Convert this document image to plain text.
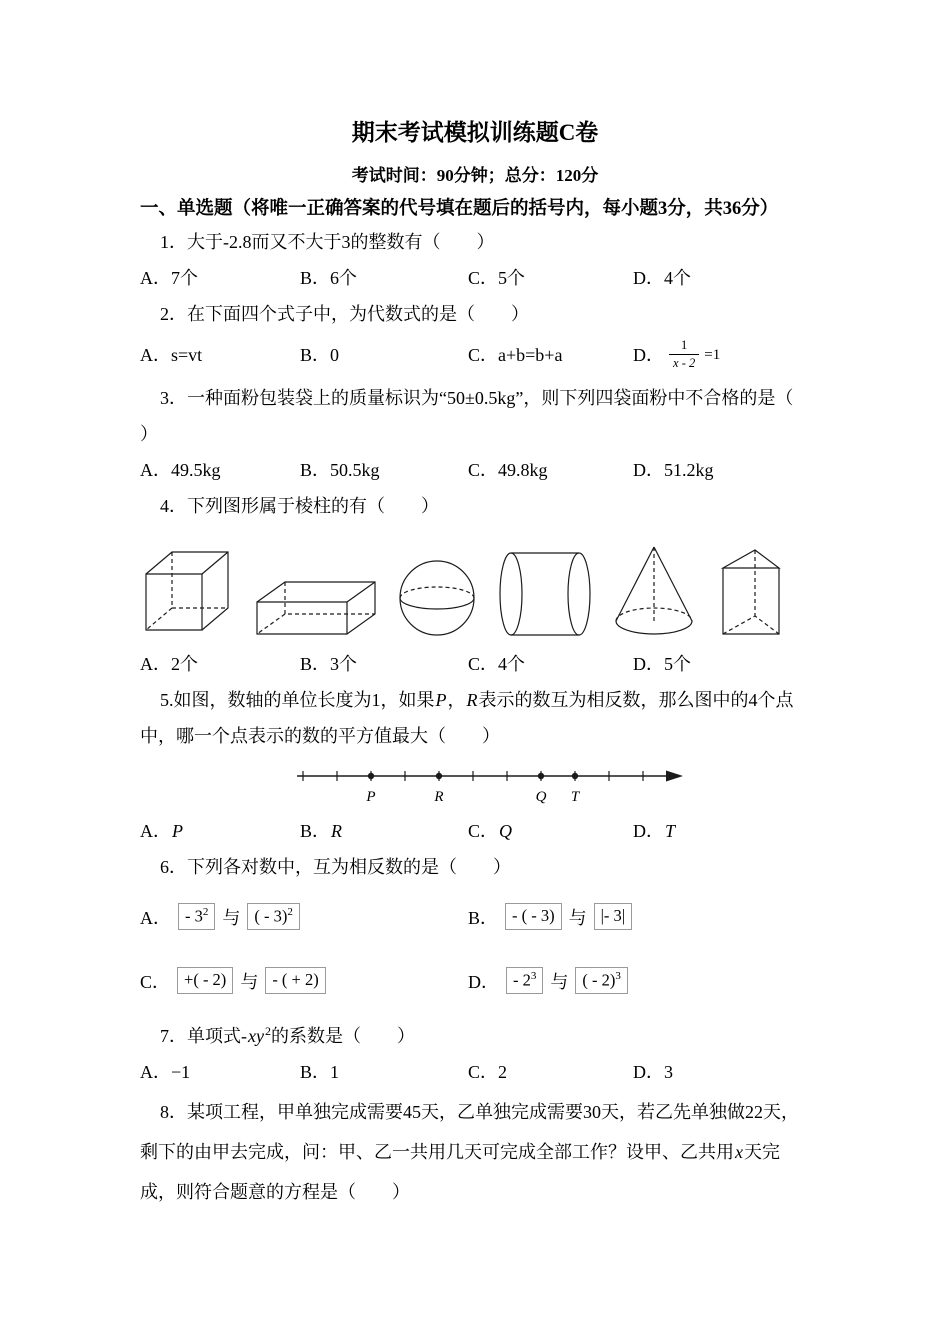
期末考试模拟训练题C卷
考试时间：90分钟；总分：120分
一、单选题（将唯一正确答案的代号填在题后的括号内，每小题3分，共36分）

1．大于-2.8而又不大于3的整数有（　　）

A．7个	B．6个	C．5个	D．4个

2．在下面四个式子中，为代数式的是（　　）

A．s=vt	B．0	C．a+b=b+a	D． $\frac{1}{x - 2} =1$

3．一种面粉包装袋上的质量标识为“50±0.5kg”，则下列四袋面粉中不合格的是（
）

A．49.5kg	B．50.5kg	C．49.8kg	D．51.2kg

4．下列图形属于棱柱的有（　　）

A．2个	B．3个	C．4个	D．5个

5.如图，数轴的单位长度为1，如果P，R表示的数互为相反数，那么图中的4个点
中，哪一个点表示的数的平方值最大（　　）

P	R	Q T
A．P	B．R	C．Q	D．T

6．下列各对数中，互为相反数的是（　　）

A． - $3^2$ 与 ( - 3)$^2$	B． - ( - 3) 与 |- 3|
C． +( - 2) 与 - ( + 2)	D． - $2^3$ 与 ( - 2)$^3$

7．单项式$-xy^2$的系数是（　　）

A．−1	B．1	C．2	D．3

8．某项工程，甲单独完成需要45天，乙单独完成需要30天，若乙先单独做22天，
剩下的由甲去完成，问：甲、乙一共用几天可完成全部工作？设甲、乙共用x天完
成，则符合题意的方程是（　　）
